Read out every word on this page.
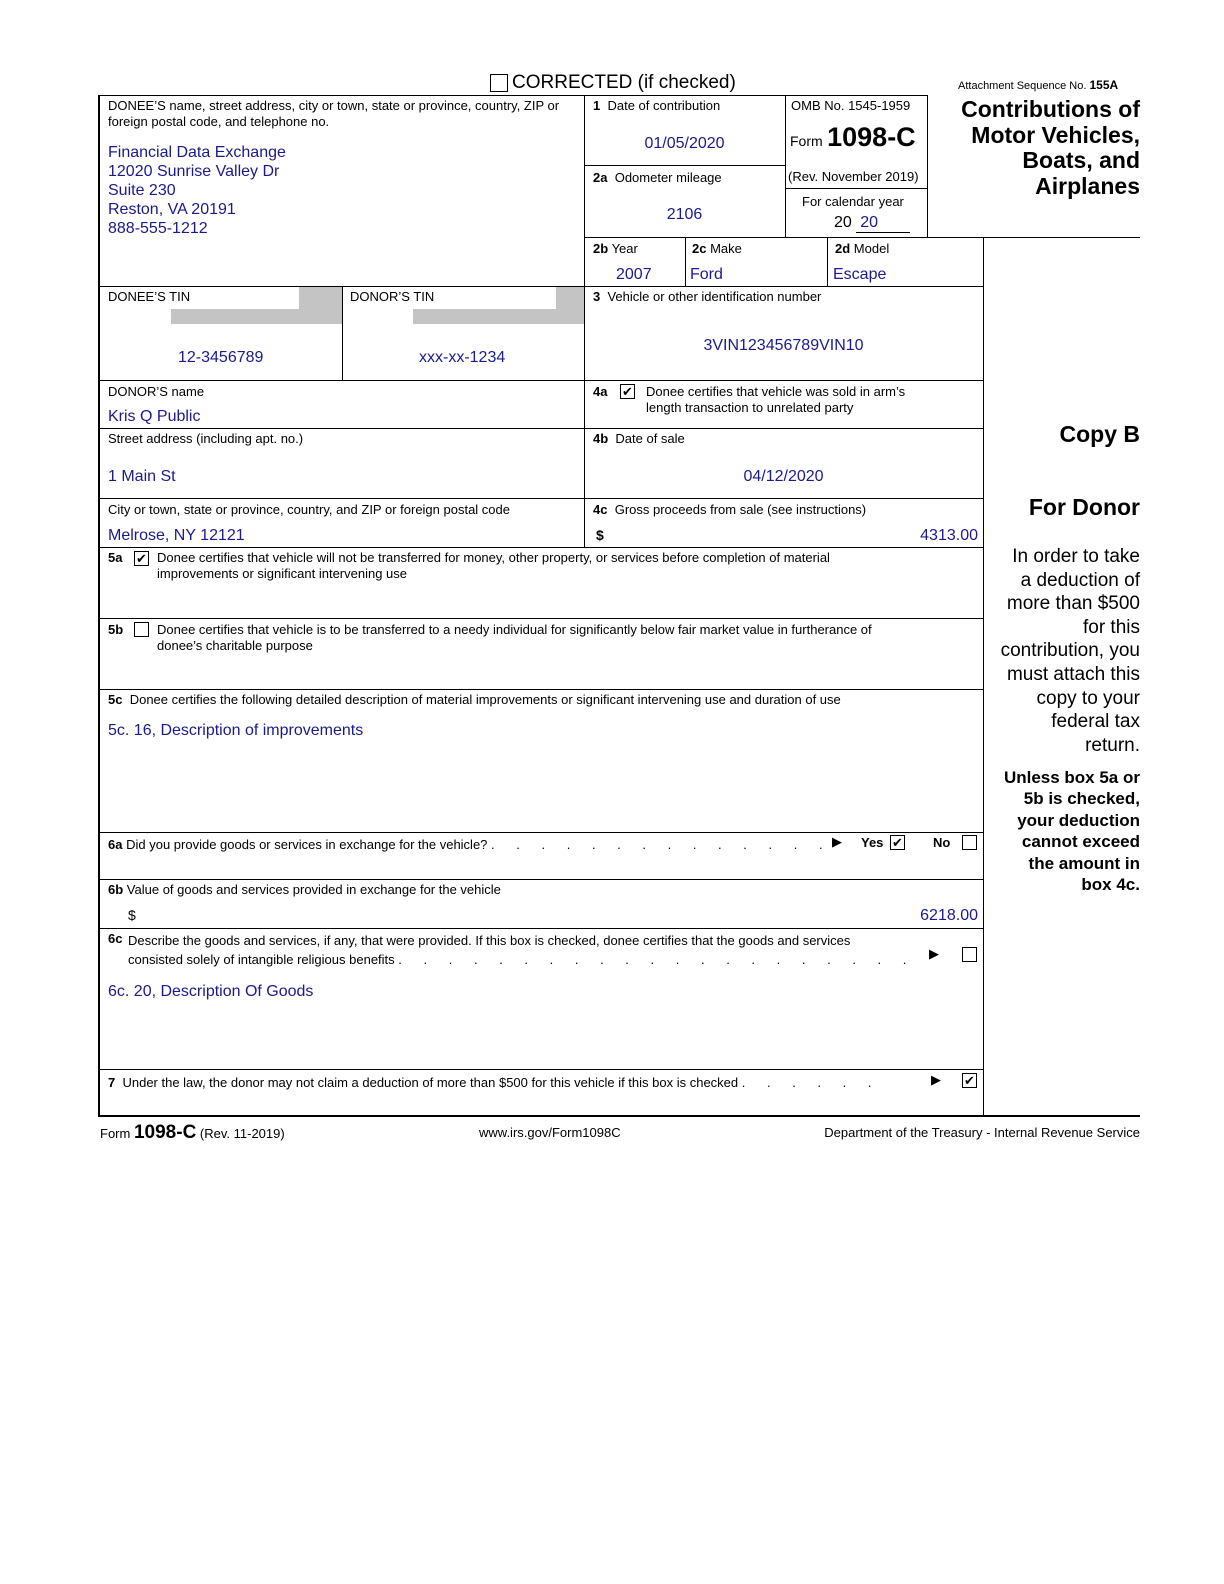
CORRECTED (if checked)	Attachment Sequence No. 155A
DONEE’S name, street address, city or town, state or province, country, ZIP or foreign postal code, and telephone no.
Financial Data Exchange
12020 Sunrise Valley Dr
Suite 230
Reston, VA 20191
888-555-1212
1 Date of contribution
01/05/2020
OMB No. 1545-1959
Form 1098-C
(Rev. November 2019)
For calendar year
20 20
Contributions of
Motor Vehicles,
Boats, and
Airplanes
2a Odometer mileage
2106
2b Year
2007
2c Make
Ford
2d Model
Escape
DONEE’S TIN
12-3456789
DONOR’S TIN
xxx-xx-1234
3 Vehicle or other identification number
3VIN123456789VIN10
DONOR’S name
Kris Q Public
4a ✔ Donee certifies that vehicle was sold in arm’s
length transaction to unrelated party
Street address (including apt. no.)
1 Main St
4b Date of sale
04/12/2020
City or town, state or province, country, and ZIP or foreign postal code
Melrose, NY 12121
4c Gross proceeds from sale (see instructions)
$	4313.00
5a ✔ Donee certifies that vehicle will not be transferred for money, other property, or services before completion of material
improvements or significant intervening use
5b	Donee certifies that vehicle is to be transferred to a needy individual for significantly below fair market value in furtherance of
donee’s charitable purpose
5c Donee certifies the following detailed description of material improvements or significant intervening use and duration of use
5c. 16, Description of improvements
6a Did you provide goods or services in exchange for the vehicle? . . . . . . . . . . . . . . ▶ Yes ✔ No
6b Value of goods and services provided in exchange for the vehicle
$	6218.00
6c Describe the goods and services, if any, that were provided. If this box is checked, donee certifies that the goods and services
consisted solely of intangible religious benefits . . . . . . . . . . . . . . . . . . . . . ▶
6c. 20, Description Of Goods
7 Under the law, the donor may not claim a deduction of more than $500 for this vehicle if this box is checked . . . . . .	▶ ✔
Copy B
For Donor
In order to take
a deduction of
more than $500
for this
contribution, you
must attach this
copy to your
federal tax
return.
Unless box 5a or
5b is checked,
your deduction
cannot exceed
the amount in
box 4c.
Form 1098-C (Rev. 11-2019)	www.irs.gov/Form1098C	Department of the Treasury - Internal Revenue Service
